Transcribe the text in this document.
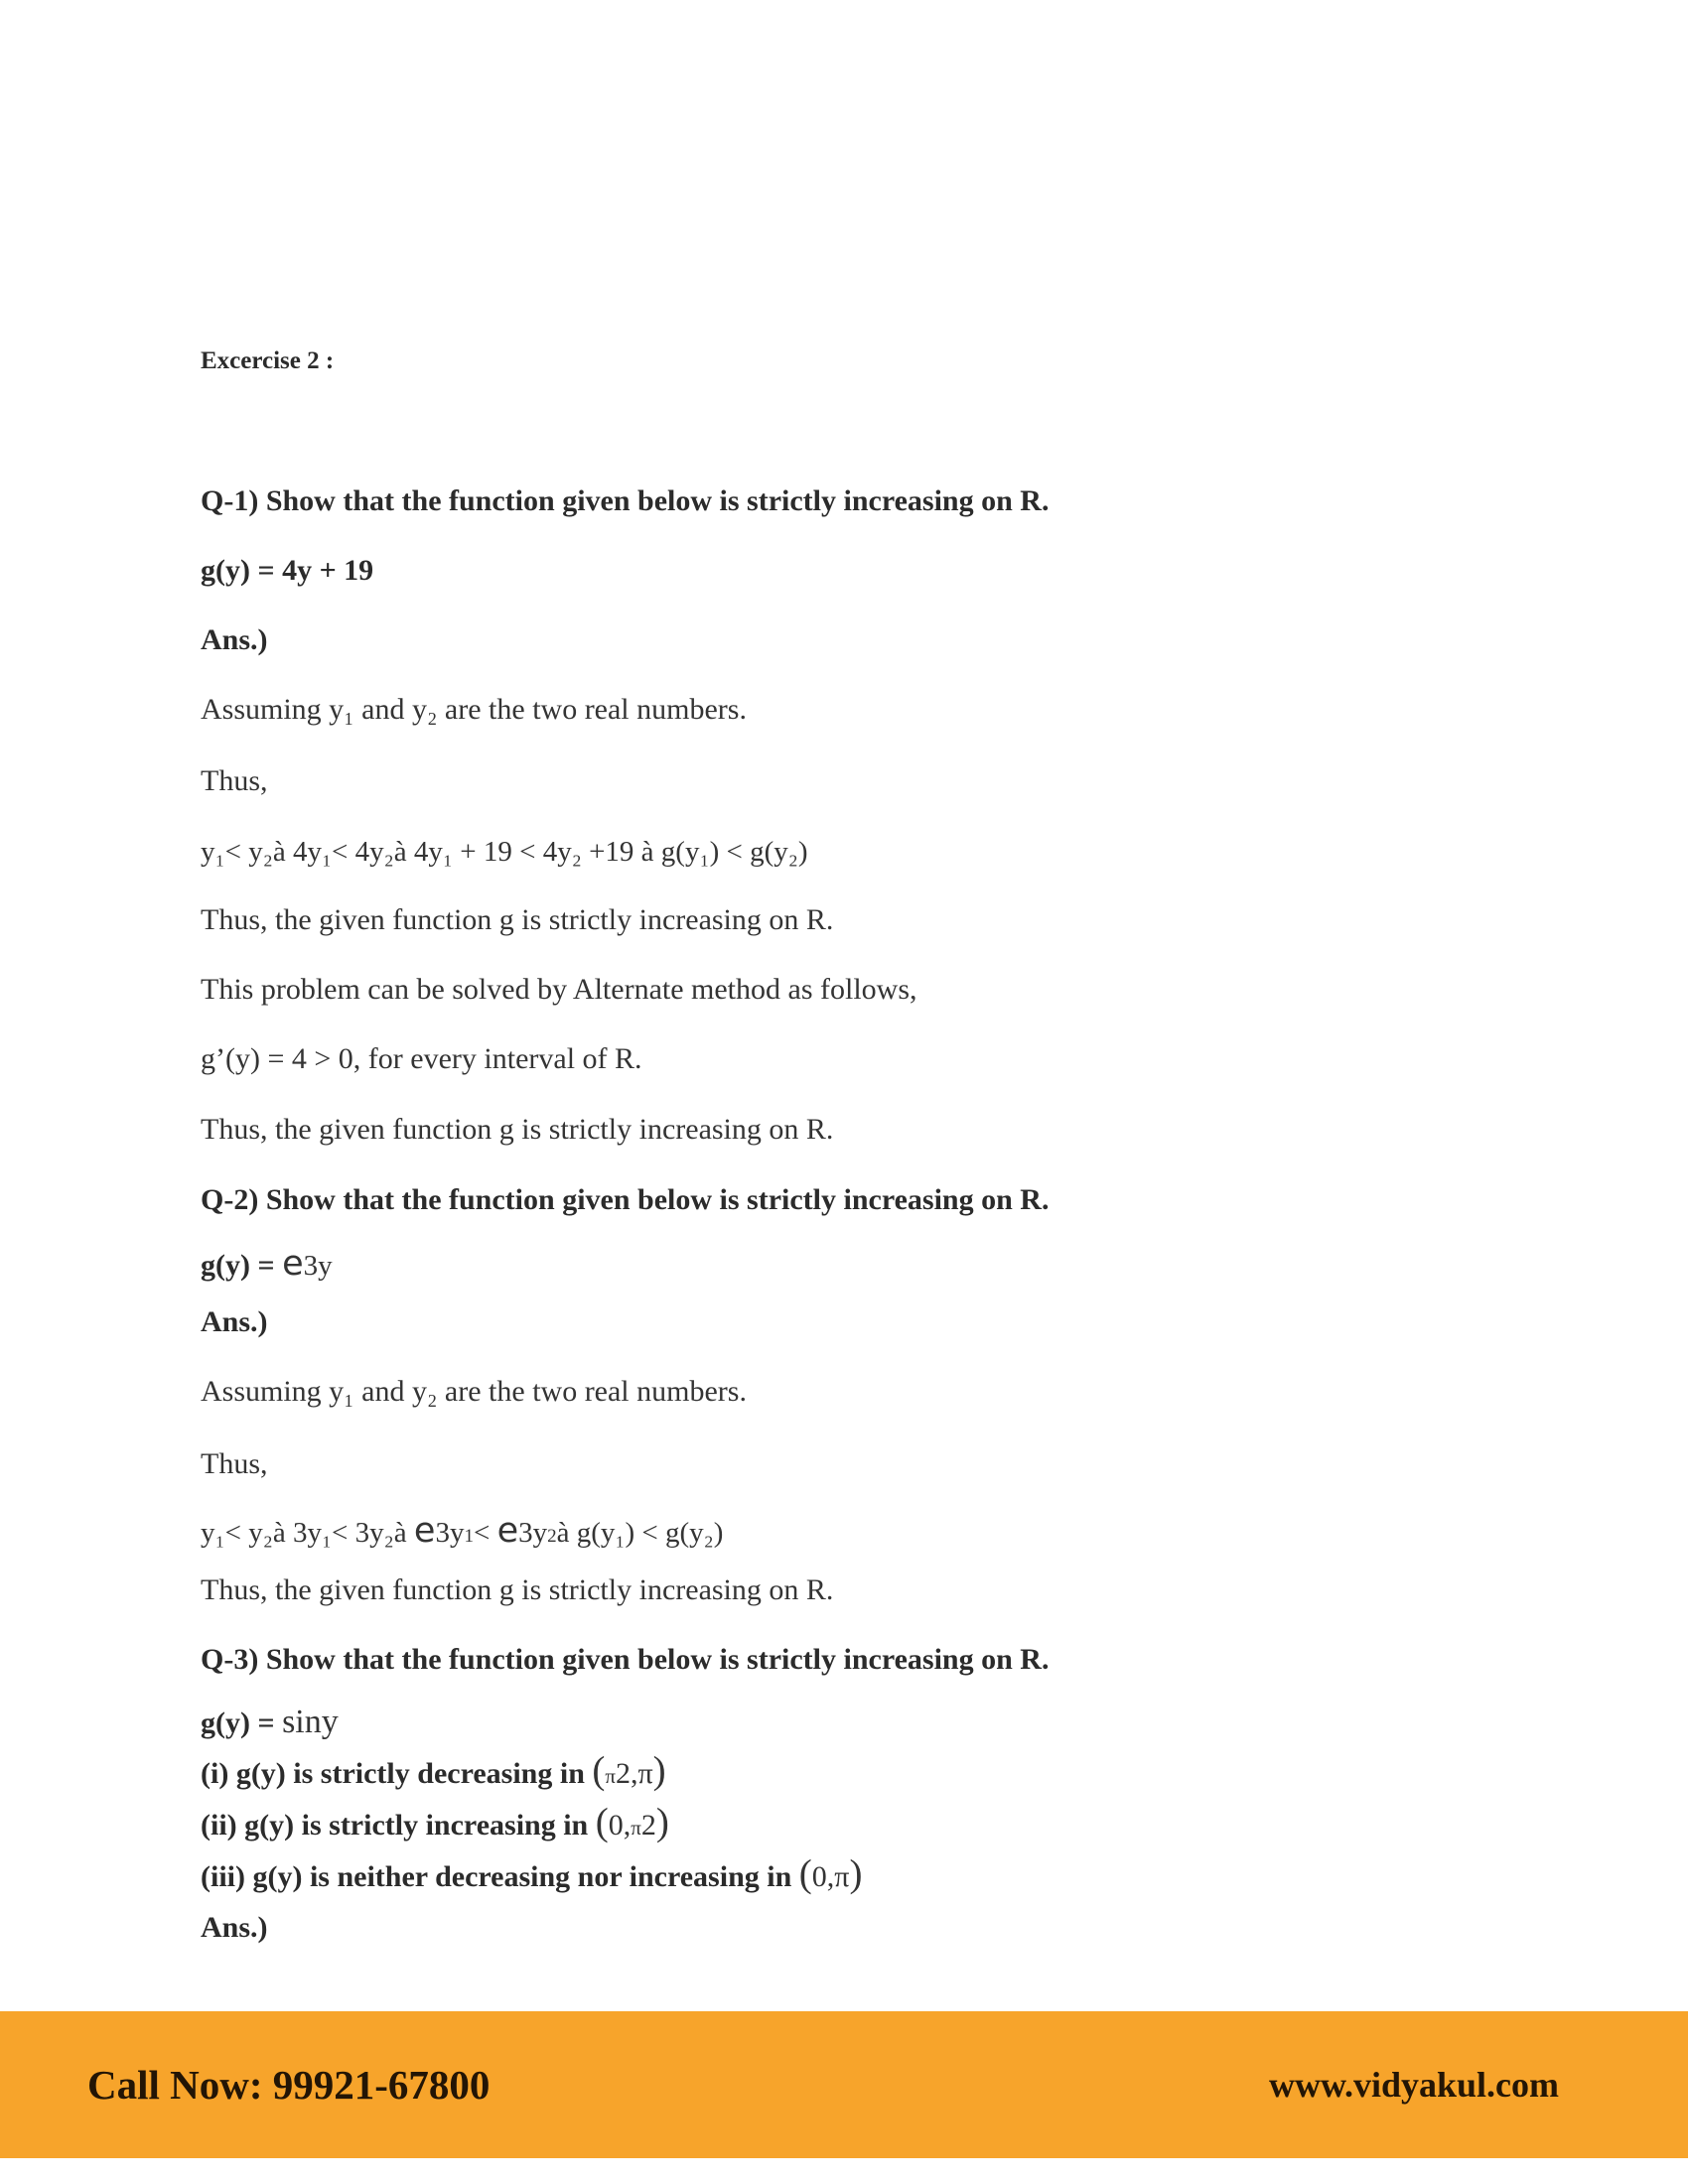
Excercise 2 :
Q-1) Show that the function given below is strictly increasing on R.
g(y) = 4y + 19
Ans.)
Assuming y₁ and y₂ are the two real numbers.
Thus,
y₁< y₂à 4y₁< 4y₂à 4y₁ + 19 < 4y₂ +19 à g(y₁) < g(y₂)
Thus, the given function g is strictly increasing on R.
This problem can be solved by Alternate method as follows,
g’(y) = 4 > 0, for every interval of R.
Thus, the given function g is strictly increasing on R.
Q-2) Show that the function given below is strictly increasing on R.
g(y) = e3y
Ans.)
Assuming y₁ and y₂ are the two real numbers.
Thus,
y₁< y₂à 3y₁< 3y₂à e3y1< e3y2à g(y₁) < g(y₂)
Thus, the given function g is strictly increasing on R.
Q-3) Show that the function given below is strictly increasing on R.
g(y) = siny
(i) g(y) is strictly decreasing in (π2,π)
(ii) g(y) is strictly increasing in (0,π2)
(iii) g(y) is neither decreasing nor increasing in (0,π)
Ans.)
Call Now: 99921-67800	www.vidyakul.com
